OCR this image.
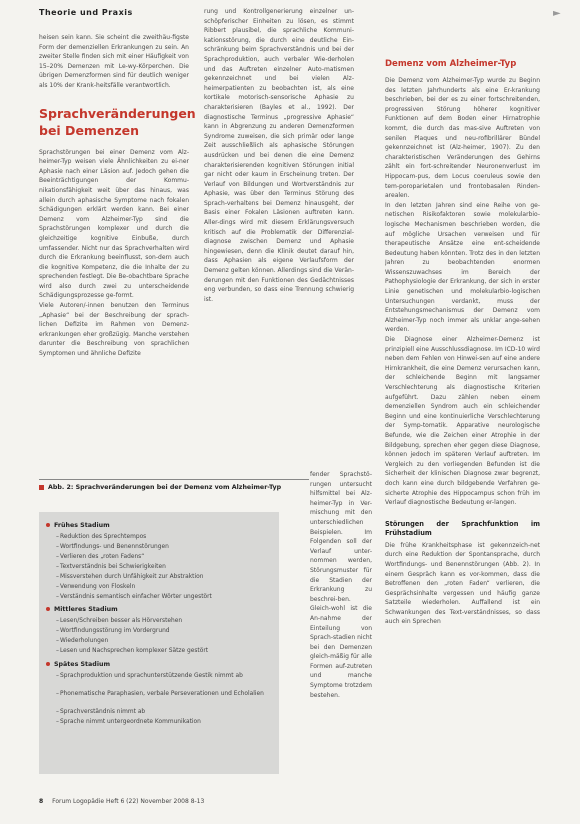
Theorie und Praxis	►

heisen sein kann. Sie scheint die zweithäu-figste Form der demenziellen Erkrankungen zu sein. An zweiter Stelle finden sich mit einer Häufigkeit von 15–20% Demenzen mit Le-wy-Körperchen. Die übrigen Demenzformen sind für deutlich weniger als 10% der Krank-heitsfälle verantwortlich.

Sprachveränderungen bei Demenzen

Sprachstörungen bei einer Demenz vom Alz-heimer-Typ weisen viele Ähnlichkeiten zu ei-ner Aphasie nach einer Läsion auf. Jedoch gehen die Beeinträchtigungen der Kommu-nikationsfähigkeit weit über das hinaus, was allein durch aphasische Symptome nach fokalen Schädigungen erklärt werden kann. Bei einer Demenz vom Alzheimer-Typ sind die Sprachstörungen komplexer und durch die gleichzeitige kognitive Einbuße, durch umfassender. Nicht nur das Sprachverhalten wird durch die Erkrankung beeinflusst, son-dern auch die kognitive Kompetenz, die die Inhalte der zu sprechenden festlegt. Die Be-obachtbare Sprache wird also durch zwei zu unterscheidende Schädigungsprozesse ge-formt.

Viele Autoren/-innen benutzen den Terminus „Aphasie“ bei der Beschreibung der sprach-lichen Defizite im Rahmen von Demenz-erkrankungen eher großzügig. Manche verstehen darunter die Beschreibung von sprachlichen Symptomen und ähnliche Defizite

rung und Kontrollgenerierung einzelner un-schöpferischer Einheiten zu lösen, es stimmt Ribbert plausibel, die sprachliche Kommuni-kationsstörung, die durch eine deutliche Ein-schränkung beim Sprachverständnis und bei der Sprachproduktion, auch verbaler Wie-derholen und das Auftreten einzelner Auto-matismen gekennzeichnet und bei vielen Alz-heimerpatienten zu beobachten ist, als eine kortikale motorisch-sensorische Aphasie zu charakterisieren (Bayles et al., 1992). Der diagnostische Terminus „progressive Aphasie“ kann in Abgrenzung zu anderen Demenzformen Syndrome zuweisen, die sich primär oder lange Zeit ausschließlich als aphasische Störungen ausdrücken und bei denen die eine Demenz charakterisierenden kognitiven Störungen initial gar nicht oder kaum in Erscheinung treten. Der Verlauf von Bildungen und Wortverständnis zur Aphasie, was über den Terminus Störung des Sprach-verhaltens bei Demenz hinausgeht, der Basis einer Fokalen Läsionen auftreten kann. Aller-dings wird mit diesem Erklärungsversuch kritisch auf die Problematik der Differenzial-diagnose zwischen Demenz und Aphasie hingewiesen, denn die Klinik deutet darauf hin, dass Aphasien als eigene Verlaufsform der Demenz gelten können. Allerdings sind die Verän-derungen mit den Funktionen des Gedächtnisses eng verbunden, so dass eine Trennung schwierig ist.

fender Sprachstö-rungen untersucht hilfsmittel bei Alz-heimer-Typ in Ver-mischung mit den unterschiedlichen Beispielen. Im Folgenden soll der Verlauf unter-nommen werden, Störungsmuster für die Stadien der Erkrankung zu beschrei-ben. Gleich-wohl ist die An-nahme der Einteilung von Sprach-stadien nicht bei den Demenzen gleich-mäßig für alle Formen auf-zutreten und manche Symptome trotzdem bestehen.

Demenz vom Alzheimer-Typ

Die Demenz vom Alzheimer-Typ wurde zu Beginn des letzten Jahrhunderts als eine Er-krankung beschrieben, bei der es zu einer fortschreitenden, progressiven Störung höherer kognitiver Funktionen auf dem Boden einer Hirnatrophie kommt, die durch das mas-sive Auftreten von senilen Plaques und neu-rofibrillärer Bündel gekennzeichnet ist (Alz-heimer, 1907). Zu den charakteristischen Veränderungen des Gehirns zählt ein fort-schreitender Neuronenverlust im Hippocam-pus, dem Locus coeruleus sowie den tem-poroparietalen und frontobasalen Rinden-arealen.

In den letzten Jahren sind eine Reihe von ge-netischen Risikofaktoren sowie molekularbio-logische Mechanismen beschrieben worden, die auf mögliche Ursachen verweisen und für therapeutische Ansätze eine ent-scheidende Bedeutung haben könnten. Trotz des in den letzten Jahren zu beobachtenden enormen Wissenszuwachses im Bereich der Pathophysiologie der Erkrankung, der sich in erster Linie genetischen und molekularbio-logischen Untersuchungen verdankt, muss der Entstehungsmechanismus der Demenz vom Alzheimer-Typ noch immer als unklar ange-sehen werden.

Die Diagnose einer Alzheimer-Demenz ist prinzipiell eine Ausschlussdiagnose. Im ICD-10 wird neben dem Fehlen von Hinwei-sen auf eine andere Hirnkrankheit, die eine Demenz verursachen kann, der schleichende Beginn mit langsamer Verschlechterung als diagnostische Kriterien aufgeführt. Dazu zählen neben einem demenziellen Syndrom auch ein schleichender Beginn und eine kontinuierliche Verschlechterung der Symp-tomatik. Apparative neurologische Befunde, wie die Zeichen einer Atrophie in der Bildgebung, sprechen eher gegen diese Diagnose, können jedoch im späteren Verlauf auftreten. Im Vergleich zu den vorliegenden Befunden ist die Sicherheit der klinischen Diagnose zwar begrenzt, doch kann eine durch bildgebende Verfahren ge-sicherte Atrophie des Hippocampus schon früh im Verlauf diagnostische Bedeutung er-langen.

Störungen der Sprachfunktion im Frühstadium

Die frühe Krankheitsphase ist gekennzeich-net durch eine Reduktion der Spontansprache, durch Wortfindungs- und Benennstörungen (Abb. 2). In einem Gespräch kann es vor-kommen, dass die Betroffenen den „roten Faden“ verlieren, die Gesprächsinhalte vergessen und häufig ganze Satzteile wiederholen. Auffallend ist ein Schwankungen des Text-verständnisses, so dass auch ein Sprechen

Abb. 2: Sprachveränderungen bei der Demenz vom Alzheimer-Typ
Frühes Stadium
–Reduktion des Sprechtempos
–Wortfindungs- und Benennstörungen
–Verlieren des „roten Fadens“
–Textverständnis bei Schwierigkeiten
–Missverstehen durch Unfähigkeit zur Abstraktion
–Verwendung von Floskeln
–Verständnis semantisch einfacher Wörter ungestört
Mittleres Stadium
–Lesen/Schreiben besser als Hörverstehen
–Wortfindungsstörung im Vordergrund
–Wiederholungen
–Lesen und Nachsprechen komplexer Sätze gestört
Spätes Stadium
–Sprachproduktion und sprachunterstützende Gestik nimmt ab
–Phonematische Paraphasien, verbale Perseverationen und Echolalien
–Sprachverständnis nimmt ab
–Sprache nimmt untergeordnete Kommunikation
8 Forum Logopädie Heft 6 (22) November 2008 8-13
